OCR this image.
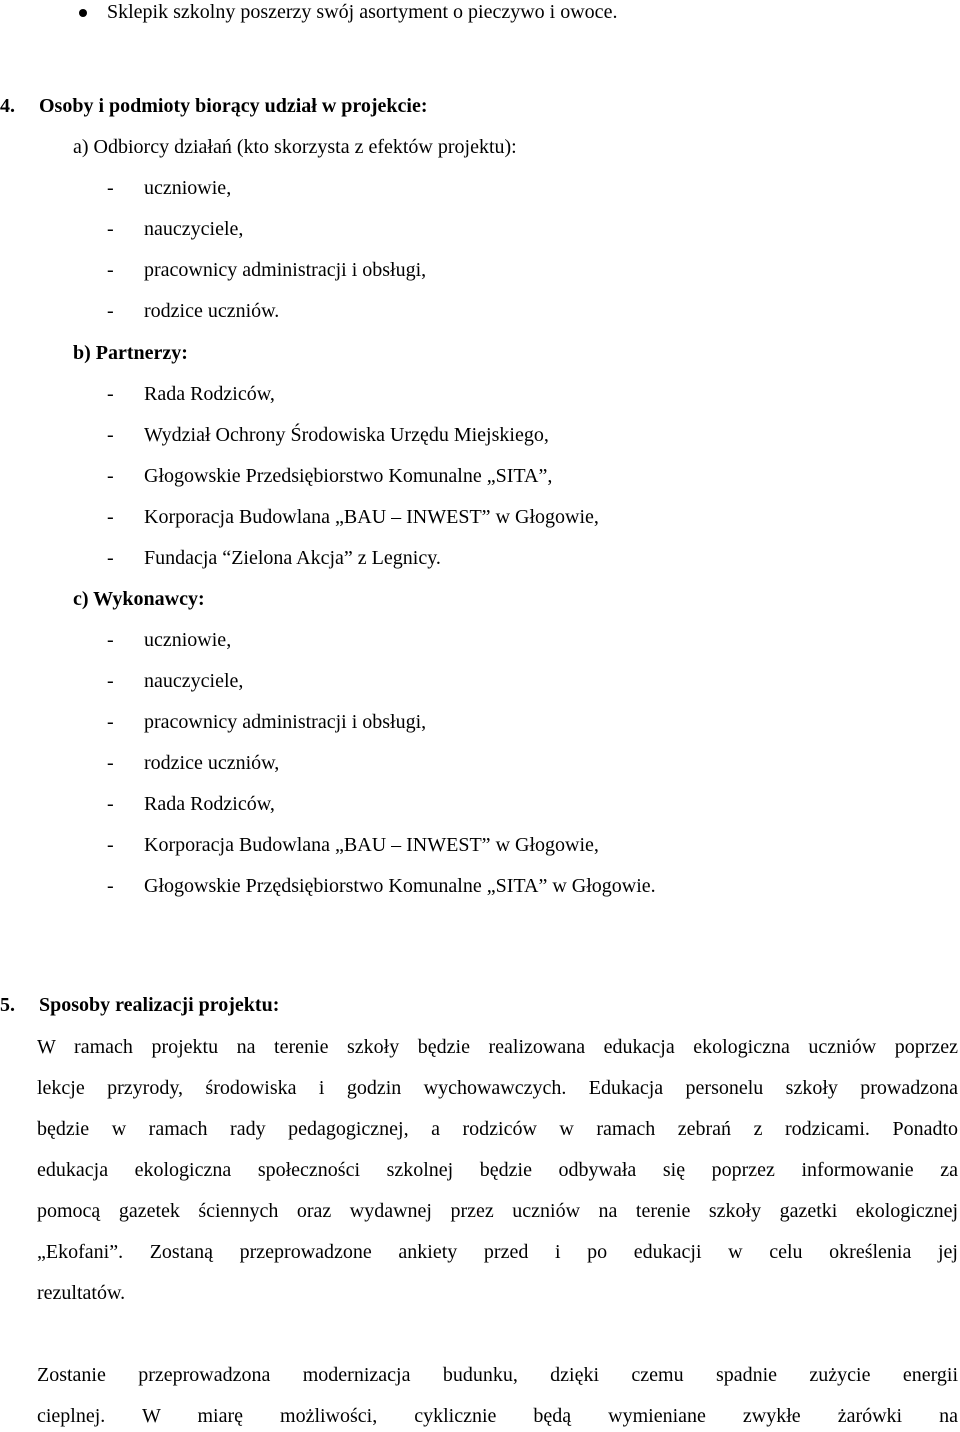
Sklepik szkolny poszerzy swój asortyment o pieczywo i owoce.
4. Osoby i podmioty biorący udział w projekcie:
a) Odbiorcy działań (kto skorzysta z efektów projektu):
- uczniowie,
- nauczyciele,
- pracownicy administracji i obsługi,
- rodzice uczniów.
b) Partnerzy:
- Rada Rodziców,
- Wydział Ochrony Środowiska Urzędu Miejskiego,
- Głogowskie Przedsiębiorstwo Komunalne „SITA”,
- Korporacja Budowlana „BAU – INWEST” w Głogowie,
- Fundacja “Zielona Akcja” z Legnicy.
c) Wykonawcy:
- uczniowie,
- nauczyciele,
- pracownicy administracji i obsługi,
- rodzice uczniów,
- Rada Rodziców,
- Korporacja Budowlana „BAU – INWEST” w Głogowie,
- Głogowskie Przędsiębiorstwo Komunalne „SITA” w Głogowie.
5. Sposoby realizacji projektu:
W ramach projektu na terenie szkoły będzie realizowana edukacja ekologiczna uczniów poprzez
lekcje przyrody, środowiska i godzin wychowawczych. Edukacja personelu szkoły prowadzona
będzie w ramach rady pedagogicznej, a rodziców w ramach zebrań z rodzicami. Ponadto
edukacja ekologiczna społeczności szkolnej będzie odbywała się poprzez informowanie za
pomocą gazetek ściennych oraz wydawnej przez uczniów na terenie szkoły gazetki ekologicznej
„Ekofani”. Zostaną przeprowadzone ankiety przed i po edukacji w celu określenia jej
rezultatów.
Zostanie przeprowadzona modernizacja budunku, dzięki czemu spadnie zużycie energii
cieplnej. W miarę możliwości, cyklicznie będą wymieniane zwykłe żarówki na
